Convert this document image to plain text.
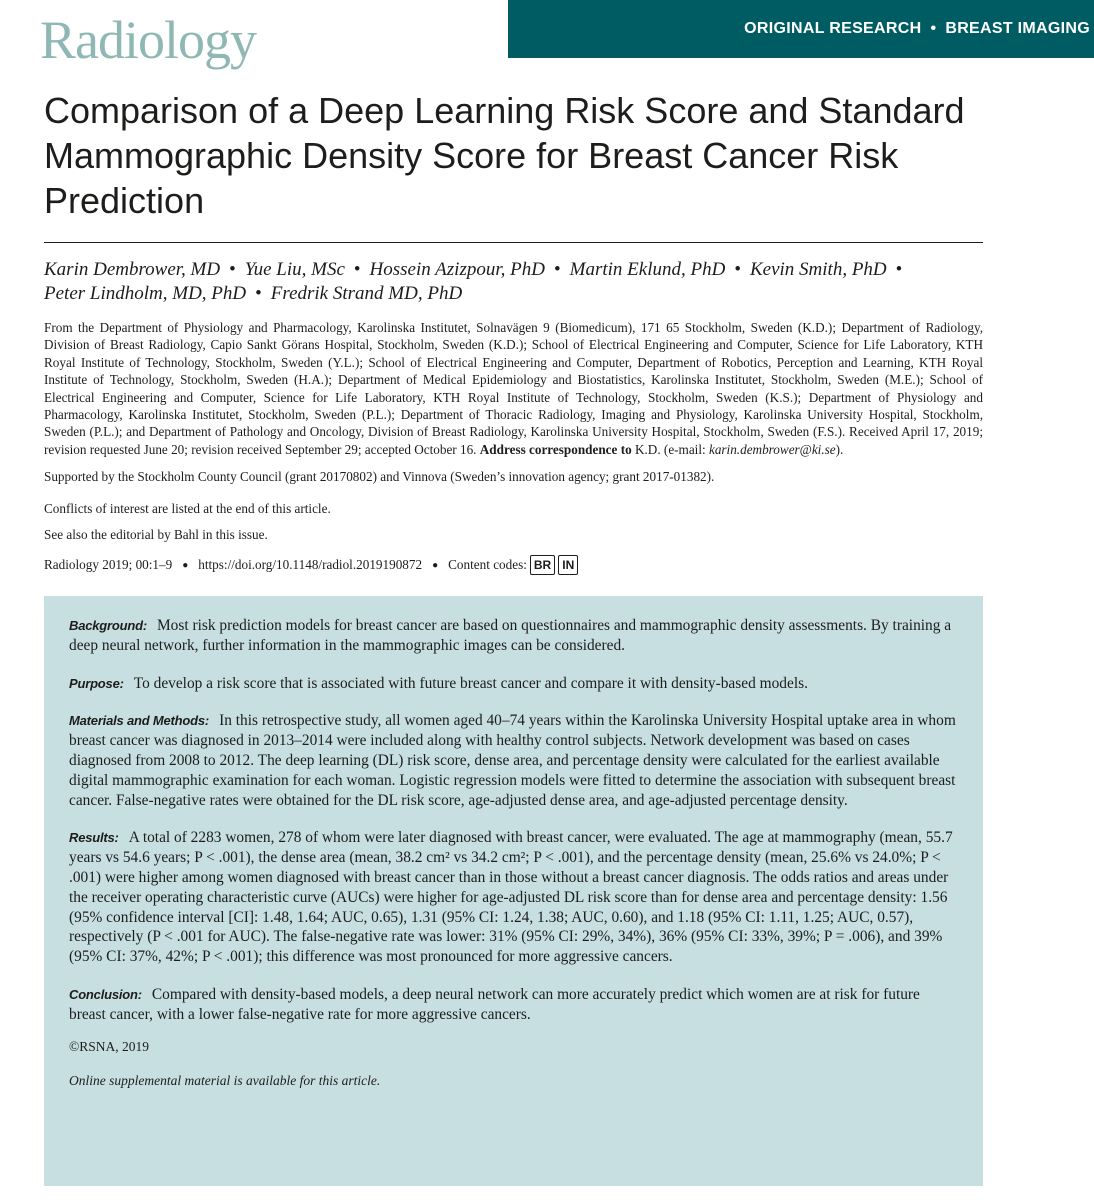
Radiology	ORIGINAL RESEARCH • BREAST IMAGING
Comparison of a Deep Learning Risk Score and Standard Mammographic Density Score for Breast Cancer Risk Prediction
Karin Dembrower, MD • Yue Liu, MSc • Hossein Azizpour, PhD • Martin Eklund, PhD • Kevin Smith, PhD •
Peter Lindholm, MD, PhD • Fredrik Strand MD, PhD
From the Department of Physiology and Pharmacology, Karolinska Institutet, Solnavägen 9 (Biomedicum), 171 65 Stockholm, Sweden (K.D.); Department of Radiology, Division of Breast Radiology, Capio Sankt Görans Hospital, Stockholm, Sweden (K.D.); School of Electrical Engineering and Computer, Science for Life Laboratory, KTH Royal Institute of Technology, Stockholm, Sweden (Y.L.); School of Electrical Engineering and Computer, Department of Robotics, Perception and Learning, KTH Royal Institute of Technology, Stockholm, Sweden (H.A.); Department of Medical Epidemiology and Biostatistics, Karolinska Institutet, Stockholm, Sweden (M.E.); School of Electrical Engineering and Computer, Science for Life Laboratory, KTH Royal Institute of Technology, Stockholm, Sweden (K.S.); Department of Physiology and Pharmacology, Karolinska Institutet, Stockholm, Sweden (P.L.); Department of Thoracic Radiology, Imaging and Physiology, Karolinska University Hospital, Stockholm, Sweden (P.L.); and Department of Pathology and Oncology, Division of Breast Radiology, Karolinska University Hospital, Stockholm, Sweden (F.S.). Received April 17, 2019; revision requested June 20; revision received September 29; accepted October 16. Address correspondence to K.D. (e-mail: karin.dembrower@ki.se).
Supported by the Stockholm County Council (grant 20170802) and Vinnova (Sweden’s innovation agency; grant 2017-01382).
Conflicts of interest are listed at the end of this article.
See also the editorial by Bahl in this issue.
Radiology 2019; 00:1–9 ● https://doi.org/10.1148/radiol.2019190872 ● Content codes: BR IN

Background: Most risk prediction models for breast cancer are based on questionnaires and mammographic density assessments. By training a deep neural network, further information in the mammographic images can be considered.

Purpose: To develop a risk score that is associated with future breast cancer and compare it with density-based models.

Materials and Methods: In this retrospective study, all women aged 40–74 years within the Karolinska University Hospital uptake area in whom breast cancer was diagnosed in 2013–2014 were included along with healthy control subjects. Network development was based on cases diagnosed from 2008 to 2012. The deep learning (DL) risk score, dense area, and percentage density were calculated for the earliest available digital mammographic examination for each woman. Logistic regression models were fitted to determine the association with subsequent breast cancer. False-negative rates were obtained for the DL risk score, age-adjusted dense area, and age-adjusted percentage density.

Results: A total of 2283 women, 278 of whom were later diagnosed with breast cancer, were evaluated. The age at mammography (mean, 55.7 years vs 54.6 years; P < .001), the dense area (mean, 38.2 cm² vs 34.2 cm²; P < .001), and the percentage density (mean, 25.6% vs 24.0%; P < .001) were higher among women diagnosed with breast cancer than in those without a breast cancer diagnosis. The odds ratios and areas under the receiver operating characteristic curve (AUCs) were higher for age-adjusted DL risk score than for dense area and percentage density: 1.56 (95% confidence interval [CI]: 1.48, 1.64; AUC, 0.65), 1.31 (95% CI: 1.24, 1.38; AUC, 0.60), and 1.18 (95% CI: 1.11, 1.25; AUC, 0.57), respectively (P < .001 for AUC). The false-negative rate was lower: 31% (95% CI: 29%, 34%), 36% (95% CI: 33%, 39%; P = .006), and 39% (95% CI: 37%, 42%; P < .001); this difference was most pronounced for more aggressive cancers.

Conclusion: Compared with density-based models, a deep neural network can more accurately predict which women are at risk for future breast cancer, with a lower false-negative rate for more aggressive cancers.

©RSNA, 2019

Online supplemental material is available for this article.
